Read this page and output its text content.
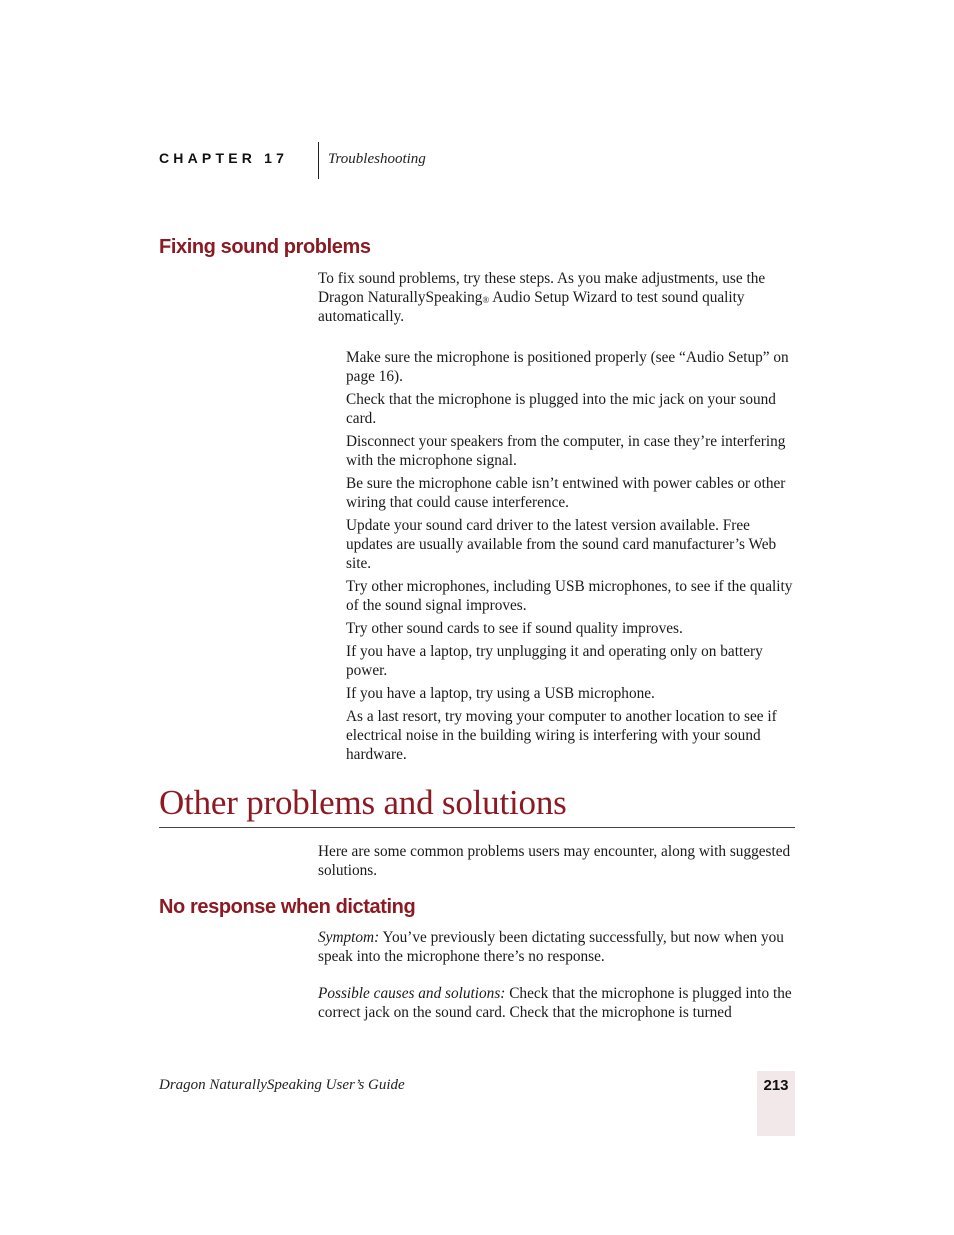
CHAPTER 17	Troubleshooting
Fixing sound problems
To fix sound problems, try these steps. As you make adjustments, use the Dragon NaturallySpeaking® Audio Setup Wizard to test sound quality automatically.
Make sure the microphone is positioned properly (see “Audio Setup” on page 16).
Check that the microphone is plugged into the mic jack on your sound card.
Disconnect your speakers from the computer, in case they’re interfering with the microphone signal.
Be sure the microphone cable isn’t entwined with power cables or other wiring that could cause interference.
Update your sound card driver to the latest version available. Free updates are usually available from the sound card manufacturer’s Web site.
Try other microphones, including USB microphones, to see if the quality of the sound signal improves.
Try other sound cards to see if sound quality improves.
If you have a laptop, try unplugging it and operating only on battery power.
If you have a laptop, try using a USB microphone.
As a last resort, try moving your computer to another location to see if electrical noise in the building wiring is interfering with your sound hardware.
Other problems and solutions
Here are some common problems users may encounter, along with suggested solutions.
No response when dictating
Symptom: You’ve previously been dictating successfully, but now when you speak into the microphone there’s no response.
Possible causes and solutions: Check that the microphone is plugged into the correct jack on the sound card. Check that the microphone is turned
Dragon NaturallySpeaking User’s Guide	213
